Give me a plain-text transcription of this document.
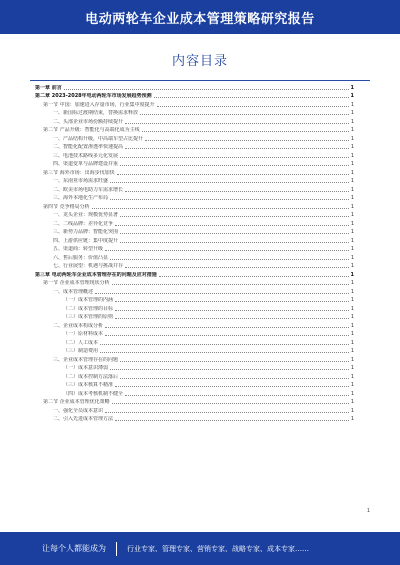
电动两轮车企业成本管理策略研究报告
内容目录
第一章 前言	1
第二章 2023-2028年电动两轮车市场发展趋势预测	1
第一节 中国：加速进入存量市场，行业集中度提升	1
一、新国标过渡期结束，替换需求释放	1
二、头部企业市场份额持续提升	1
第二节 产品升级：智能化与高端化成为主线	1
一、产品结构升级，中高端车型占比提升	1
二、智能化配置渗透率快速提高	1
三、电池技术路线多元化发展	1
四、渠道变革与品牌建设并重	1
第三节 海外市场：出海步伐加快	1
一、东南亚市场需求旺盛	1
二、欧美市场电助力车需求增长	1
三、海外本地化生产布局	1
第四节 竞争格局分析	1
一、龙头企业：规模优势显著	1
二、二线品牌：差异化竞争	1
三、新势力品牌：智能化突围	1
四、上游供应链：集中度提升	1
五、渠道商：转型升级	1
六、售后服务：价值凸显	1
七、行业展望：机遇与挑战并存	1
第三章 电动两轮车企业成本管理存在的问题及应对措施	1
第一节 企业成本管理现状分析	1
一、成本管理概述	1
（一）成本管理的内涵	1
（二）成本管理的目标	1
（三）成本管理的原则	1
二、企业成本构成分析	1
（一）原材料成本	1
（二）人工成本	1
（三）制造费用	1
三、企业成本管理存在的问题	1
（一）成本意识薄弱	1
（二）成本控制方法落后	1
（三）成本核算不精准	1
（四）成本考核机制不健全	1
第二节 企业成本管理优化策略	1
一、强化全员成本意识	1
二、引入先进成本管理方法	1
1
让每个人都能成为	行业专家、管理专家、营销专家、战略专家、成本专家……
